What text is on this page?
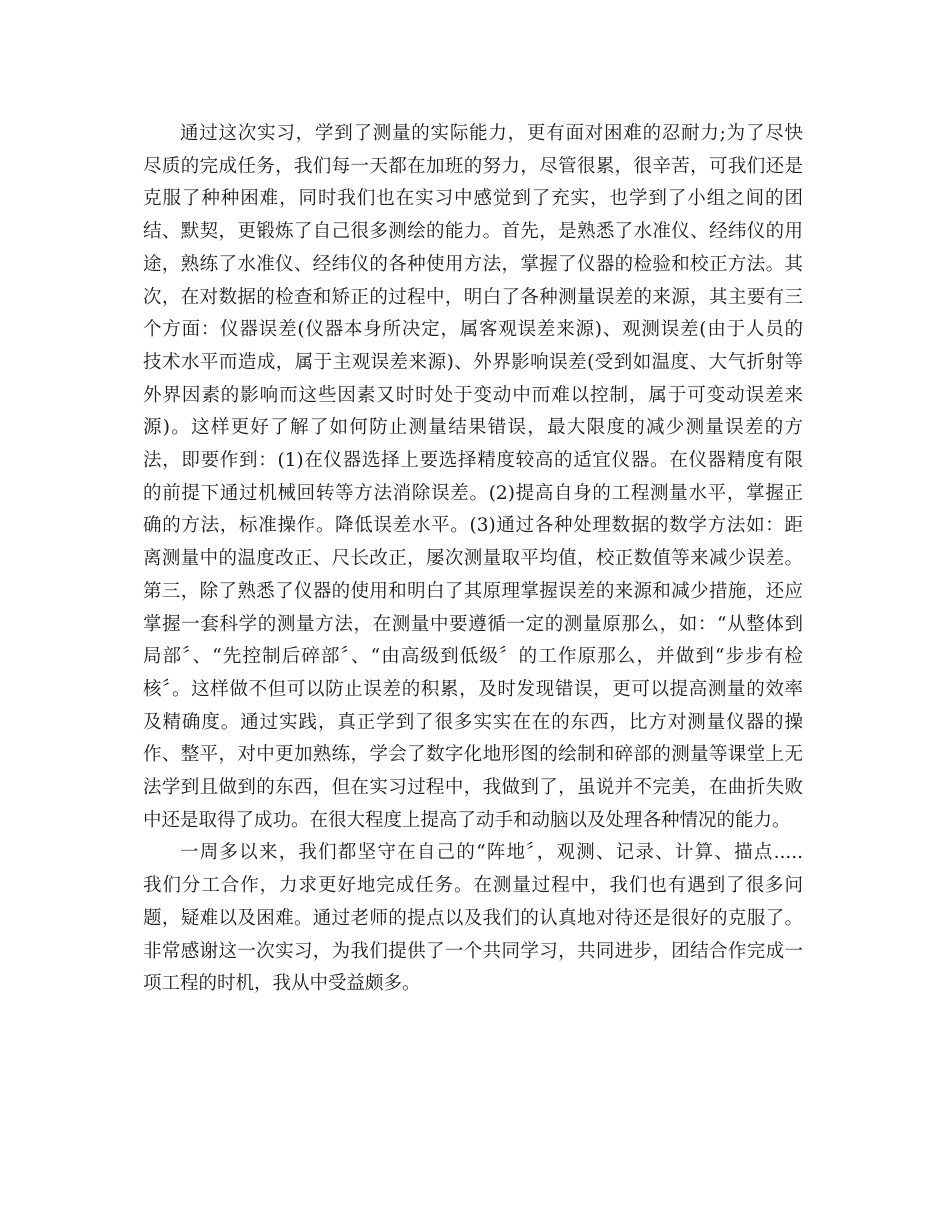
通过这次实习，学到了测量的实际能力，更有面对困难的忍耐力;为了尽快
尽质的完成任务，我们每一天都在加班的努力，尽管很累，很辛苦，可我们还是
克服了种种困难，同时我们也在实习中感觉到了充实，也学到了小组之间的团
结、默契，更锻炼了自己很多测绘的能力。首先，是熟悉了水准仪、经纬仪的用
途，熟练了水准仪、经纬仪的各种使用方法，掌握了仪器的检验和校正方法。其
次，在对数据的检查和矫正的过程中，明白了各种测量误差的来源，其主要有三
个方面：仪器误差(仪器本身所决定，属客观误差来源)、观测误差(由于人员的
技术水平而造成，属于主观误差来源)、外界影响误差(受到如温度、大气折射等
外界因素的影响而这些因素又时时处于变动中而难以控制，属于可变动误差来
源)。这样更好了解了如何防止测量结果错误，最大限度的减少测量误差的方
法，即要作到：(1)在仪器选择上要选择精度较高的适宜仪器。在仪器精度有限
的前提下通过机械回转等方法消除误差。(2)提高自身的工程测量水平，掌握正
确的方法，标准操作。降低误差水平。(3)通过各种处理数据的数学方法如：距
离测量中的温度改正、尺长改正，屡次测量取平均值，校正数值等来减少误差。
第三，除了熟悉了仪器的使用和明白了其原理掌握误差的来源和减少措施，还应
掌握一套科学的测量方法，在测量中要遵循一定的测量原那么，如：“从整体到
局部〞、“先控制后碎部〞、“由高级到低级〞的工作原那么，并做到“步步有检
核〞。这样做不但可以防止误差的积累，及时发现错误，更可以提高测量的效率
及精确度。通过实践，真正学到了很多实实在在的东西，比方对测量仪器的操
作、整平，对中更加熟练，学会了数字化地形图的绘制和碎部的测量等课堂上无
法学到且做到的东西，但在实习过程中，我做到了，虽说并不完美，在曲折失败
中还是取得了成功。在很大程度上提高了动手和动脑以及处理各种情况的能力。
一周多以来，我们都坚守在自己的“阵地〞，观测、记录、计算、描点.....
我们分工合作，力求更好地完成任务。在测量过程中，我们也有遇到了很多问
题，疑难以及困难。通过老师的提点以及我们的认真地对待还是很好的克服了。
非常感谢这一次实习，为我们提供了一个共同学习，共同进步，团结合作完成一
项工程的时机，我从中受益颇多。
